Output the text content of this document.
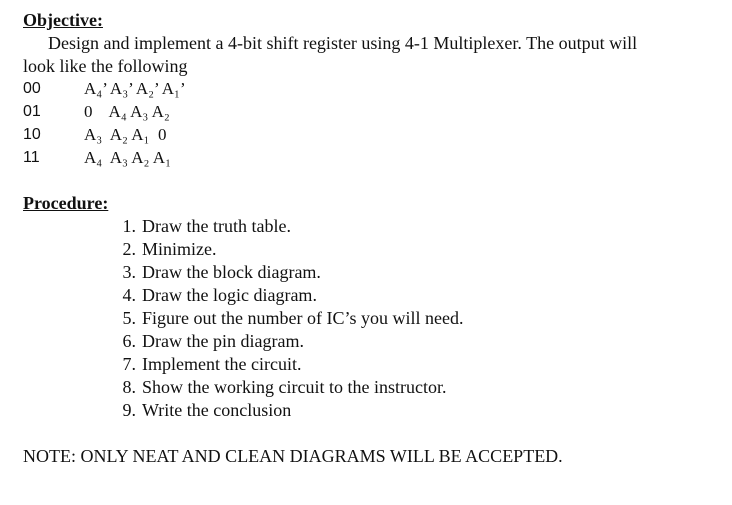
Objective:
Design and implement a 4-bit shift register using 4-1 Multiplexer. The output will
look like the following
00	A₄’ A₃’ A₂’ A₁’
01	0    A₄ A₃ A₂
10	A₃  A₂ A₁  0
11	A₄  A₃ A₂ A₁
Procedure:
1. Draw the truth table.
2. Minimize.
3. Draw the block diagram.
4. Draw the logic diagram.
5. Figure out the number of IC’s you will need.
6. Draw the pin diagram.
7. Implement the circuit.
8. Show the working circuit to the instructor.
9. Write the conclusion
NOTE: ONLY NEAT AND CLEAN DIAGRAMS WILL BE ACCEPTED.
